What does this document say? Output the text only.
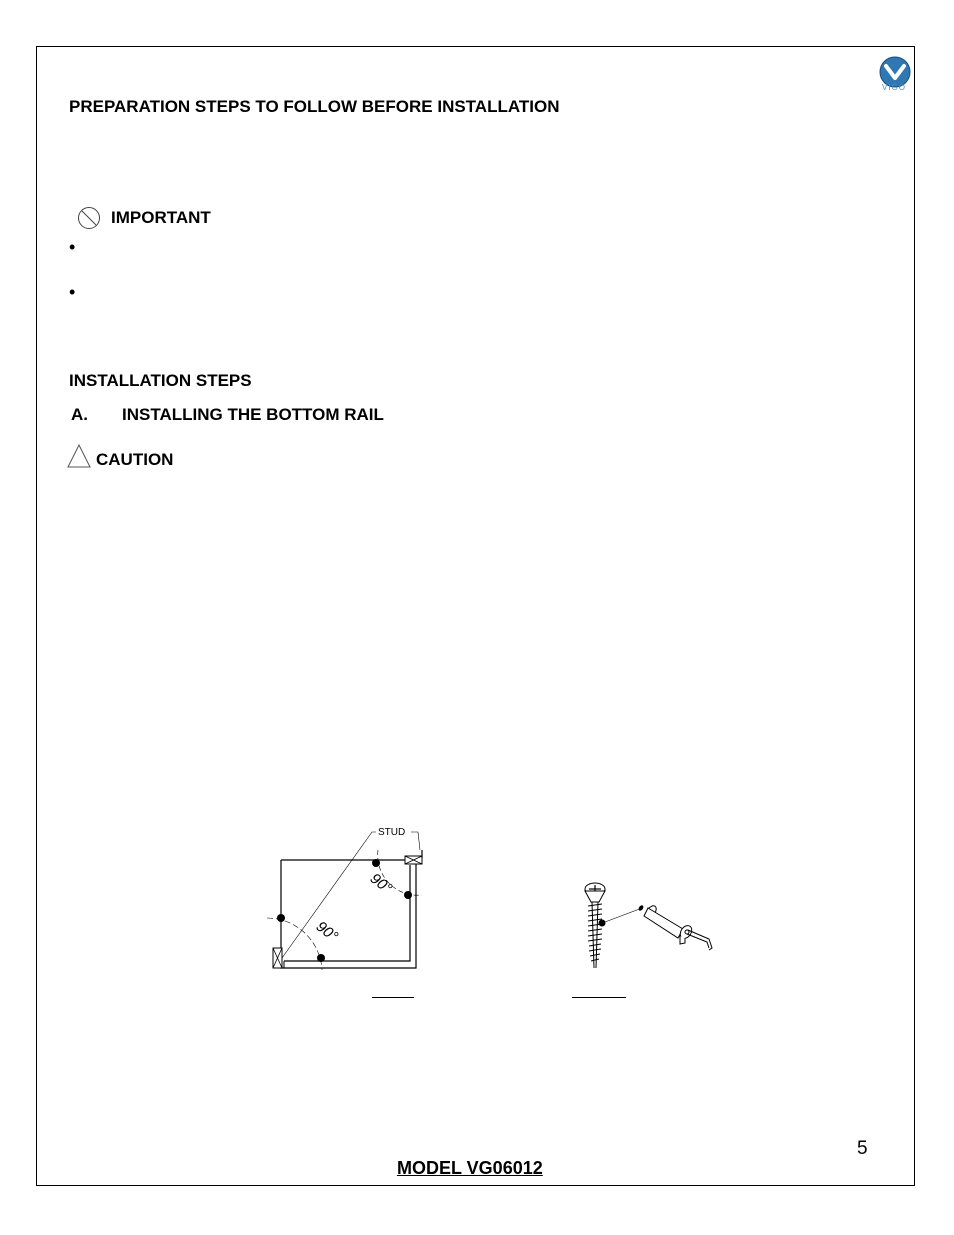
VIGO
PREPARATION STEPS TO FOLLOW BEFORE INSTALLATION
IMPORTANT
•
•
INSTALLATION STEPS
A. INSTALLING THE BOTTOM RAIL
CAUTION
STUD
90°
90°
5
MODEL VG06012
